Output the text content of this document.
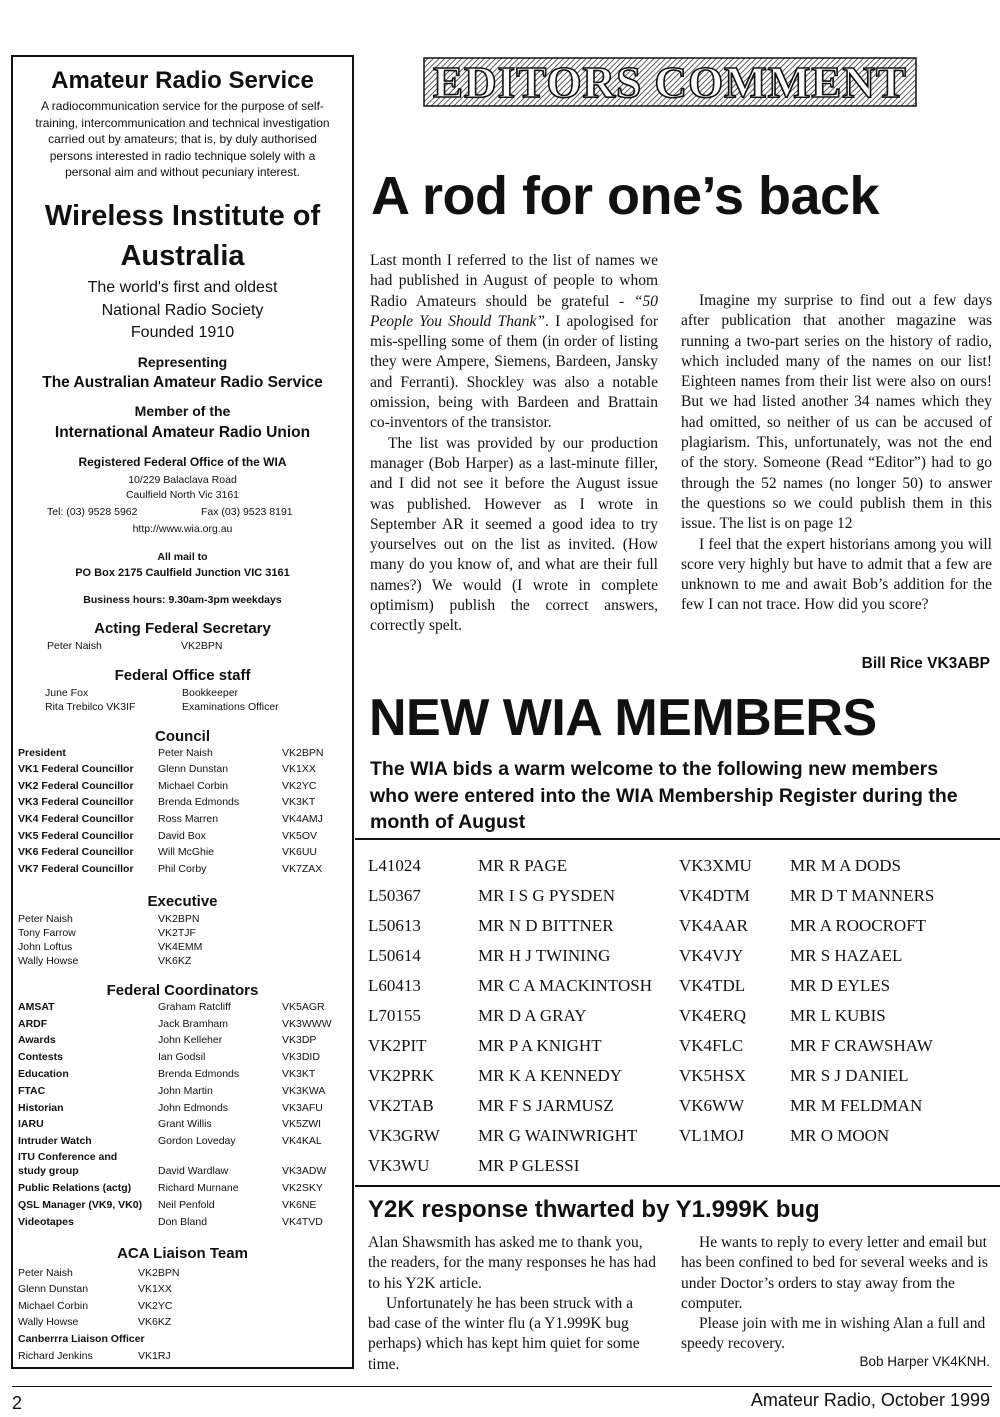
Amateur Radio Service
A radiocommunication service for the purpose of self-training, intercommunication and technical investigation carried out by amateurs; that is, by duly authorised persons interested in radio technique solely with a personal aim and without pecuniary interest.
Wireless Institute of
Australia
The world's first and oldest
National Radio Society
Founded 1910
Representing
The Australian Amateur Radio Service
Member of the
International Amateur Radio Union
Registered Federal Office of the WIA
10/229 Balaclava Road
Caulfield North Vic 3161
Tel: (03) 9528 5962	Fax (03) 9523 8191
http://www.wia.org.au
All mail to
PO Box 2175 Caulfield Junction VIC 3161
Business hours: 9.30am-3pm weekdays
Acting Federal Secretary
Peter Naish	VK2BPN
Federal Office staff
June Fox	Bookkeeper
Rita Trebilco VK3IF	Examinations Officer
Council
President	Peter Naish	VK2BPN
VK1 Federal Councillor Glenn Dunstan	VK1XX
VK2 Federal Councillor Michael Corbin	VK2YC
VK3 Federal Councillor Brenda Edmonds	VK3KT
VK4 Federal Councillor Ross Marren	VK4AMJ
VK5 Federal Councillor David Box	VK5OV
VK6 Federal Councillor Will McGhie	VK6UU
VK7 Federal Councillor Phil Corby	VK7ZAX
Executive
Peter Naish	VK2BPN
Tony Farrow	VK2TJF
John Loftus	VK4EMM
Wally Howse	VK6KZ
Federal Coordinators
AMSAT	Graham Ratcliff	VK5AGR
ARDF	Jack Bramham	VK3WWW
Awards	John Kelleher	VK3DP
Contests	Ian Godsil	VK3DID
Education	Brenda Edmonds	VK3KT
FTAC	John Martin	VK3KWA
Historian	John Edmonds	VK3AFU
IARU	Grant Willis	VK5ZWI
Intruder Watch	Gordon Loveday	VK4KAL
ITU Conference and
study group	David Wardlaw	VK3ADW
Public Relations (actg)	Richard Murnane	VK2SKY
QSL Manager (VK9, VK0) Neil Penfold	VK6NE
Videotapes	Don Bland	VK4TVD
ACA Liaison Team
Peter Naish	VK2BPN
Glenn Dunstan	VK1XX
Michael Corbin	VK2YC
Wally Howse	VK6KZ
Canberrra Liaison Officer
Richard Jenkins	VK1RJ
EDITORS COMMENT
A rod for one’s back

Last month I referred to the list of names we had published in August of people to whom Radio Amateurs should be grateful - “50 People You Should Thank”. I apologised for mis-spelling some of them (in order of listing they were Ampere, Siemens, Bardeen, Jansky and Ferranti). Shockley was also a notable omission, being with Bardeen and Brattain co-inventors of the transistor.

The list was provided by our production manager (Bob Harper) as a last-minute filler, and I did not see it before the August issue was published. However as I wrote in September AR it seemed a good idea to try yourselves out on the list as invited. (How many do you know of, and what are their full names?) We would (I wrote in complete optimism) publish the correct answers, correctly spelt.

Imagine my surprise to find out a few days after publication that another magazine was running a two-part series on the history of radio, which included many of the names on our list! Eighteen names from their list were also on ours! But we had listed another 34 names which they had omitted, so neither of us can be accused of plagiarism. This, unfortunately, was not the end of the story. Someone (Read “Editor”) had to go through the 52 names (no longer 50) to answer the questions so we could publish them in this issue. The list is on page 12

I feel that the expert historians among you will score very highly but have to admit that a few are unknown to me and await Bob’s addition for the few I can not trace. How did you score?

Bill Rice VK3ABP
NEW WIA MEMBERS
The WIA bids a warm welcome to the following new members who were entered into the WIA Membership Register during the month of August
L41024	MR R PAGE	VK3XMU MR M A DODS
L50367	MR I S G PYSDEN	VK4DTM MR D T MANNERS
L50613	MR N D BITTNER	VK4AAR MR A ROOCROFT
L50614	MR H J TWINING	VK4VJY	MR S HAZAEL
L60413	MR C A MACKINTOSH VK4TDL	MR D EYLES
L70155	MR D A GRAY	VK4ERQ	MR L KUBIS
VK2PIT	MR P A KNIGHT	VK4FLC	MR F CRAWSHAW
VK2PRK	MR K A KENNEDY	VK5HSX	MR S J DANIEL
VK2TAB	MR F S JARMUSZ	VK6WW	MR M FELDMAN
VK3GRW MR G WAINWRIGHT VL1MOJ	MR O MOON
VK3WU	MR P GLESSI
Y2K response thwarted by Y1.999K bug

Alan Shawsmith has asked me to thank you, the readers, for the many responses he has had to his Y2K article.

Unfortunately he has been struck with a bad case of the winter flu (a Y1.999K bug perhaps) which has kept him quiet for some time.

He wants to reply to every letter and email but has been confined to bed for several weeks and is under Doctor’s orders to stay away from the computer.

Please join with me in wishing Alan a full and speedy recovery.

Bob Harper VK4KNH.
2	Amateur Radio, October 1999
